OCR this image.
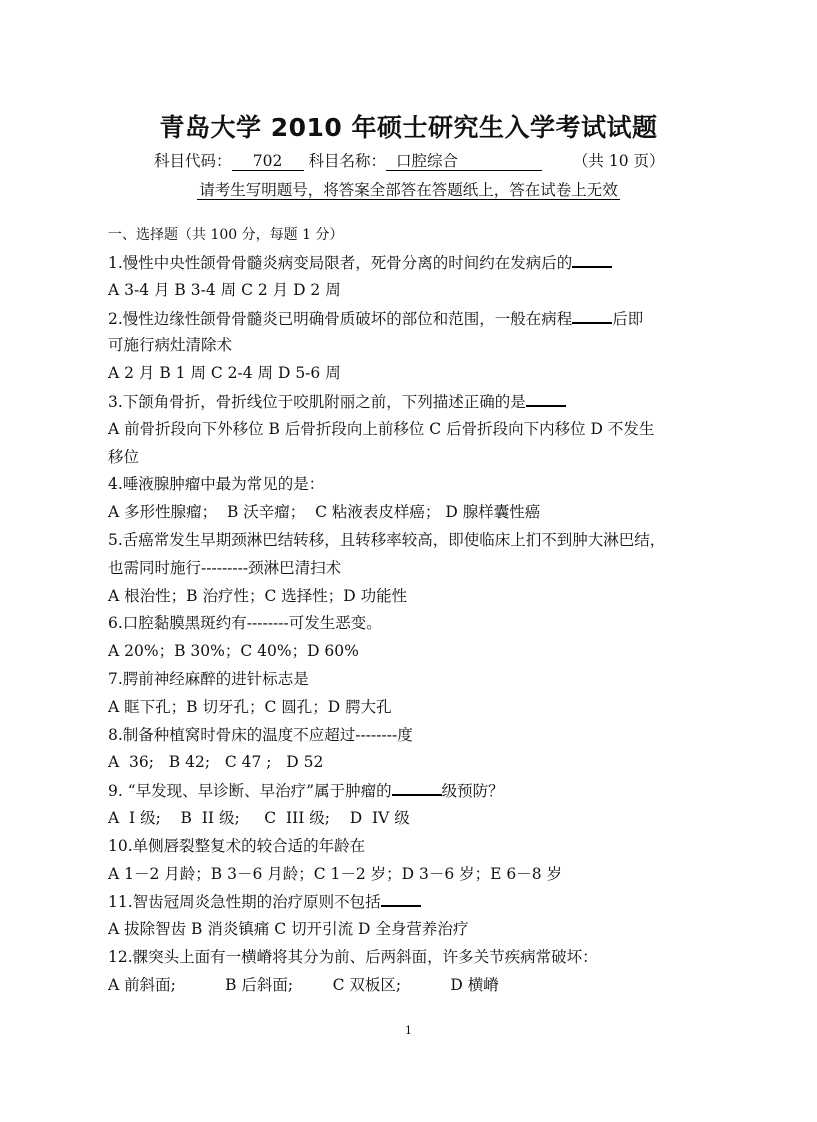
青岛大学 2010 年硕士研究生入学考试试题
科目代码： 702 科目名称： 口腔综合	（共 10 页）
请考生写明题号，将答案全部答在答题纸上，答在试卷上无效
一、选择题（共 100 分，每题 1 分）
1.慢性中央性颌骨骨髓炎病变局限者，死骨分离的时间约在发病后的
A 3-4 月 B 3-4 周 C 2 月 D 2 周
2.慢性边缘性颌骨骨髓炎已明确骨质破坏的部位和范围，一般在病程	后即
可施行病灶清除术
A 2 月 B 1 周 C 2-4 周 D 5-6 周
3.下颌角骨折，骨折线位于咬肌附丽之前，下列描述正确的是
A 前骨折段向下外移位 B 后骨折段向上前移位 C 后骨折段向下内移位 D 不发生
移位
4.唾液腺肿瘤中最为常见的是：
A 多形性腺瘤；  B 沃辛瘤；  C 粘液表皮样癌； D 腺样囊性癌
5.舌癌常发生早期颈淋巴结转移，且转移率较高，即使临床上扪不到肿大淋巴结，
也需同时施行---------颈淋巴清扫术
A 根治性；B 治疗性；C 选择性；D 功能性
6.口腔黏膜黑斑约有--------可发生恶变。
A 20%；B 30%；C 40%；D 60%
7.腭前神经麻醉的进针标志是
A 眶下孔；B 切牙孔；C 圆孔；D 腭大孔
8.制备种植窝时骨床的温度不应超过--------度
A  36;   B 42;   C 47 ;   D 52
9. “早发现、早诊断、早治疗”属于肿瘤的	级预防？
A  I 级;    B  II 级;     C  III 级;    D  IV 级
10.单侧唇裂整复术的较合适的年龄在
A 1－2 月龄；B 3－6 月龄；C 1－2 岁；D 3－6 岁；E 6－8 岁
11.智齿冠周炎急性期的治疗原则不包括
A 拔除智齿 B 消炎镇痛 C 切开引流 D 全身营养治疗
12.髁突头上面有一横嵴将其分为前、后两斜面，许多关节疾病常破坏：
A 前斜面;          B 后斜面;        C 双板区;          D 横嵴
1
